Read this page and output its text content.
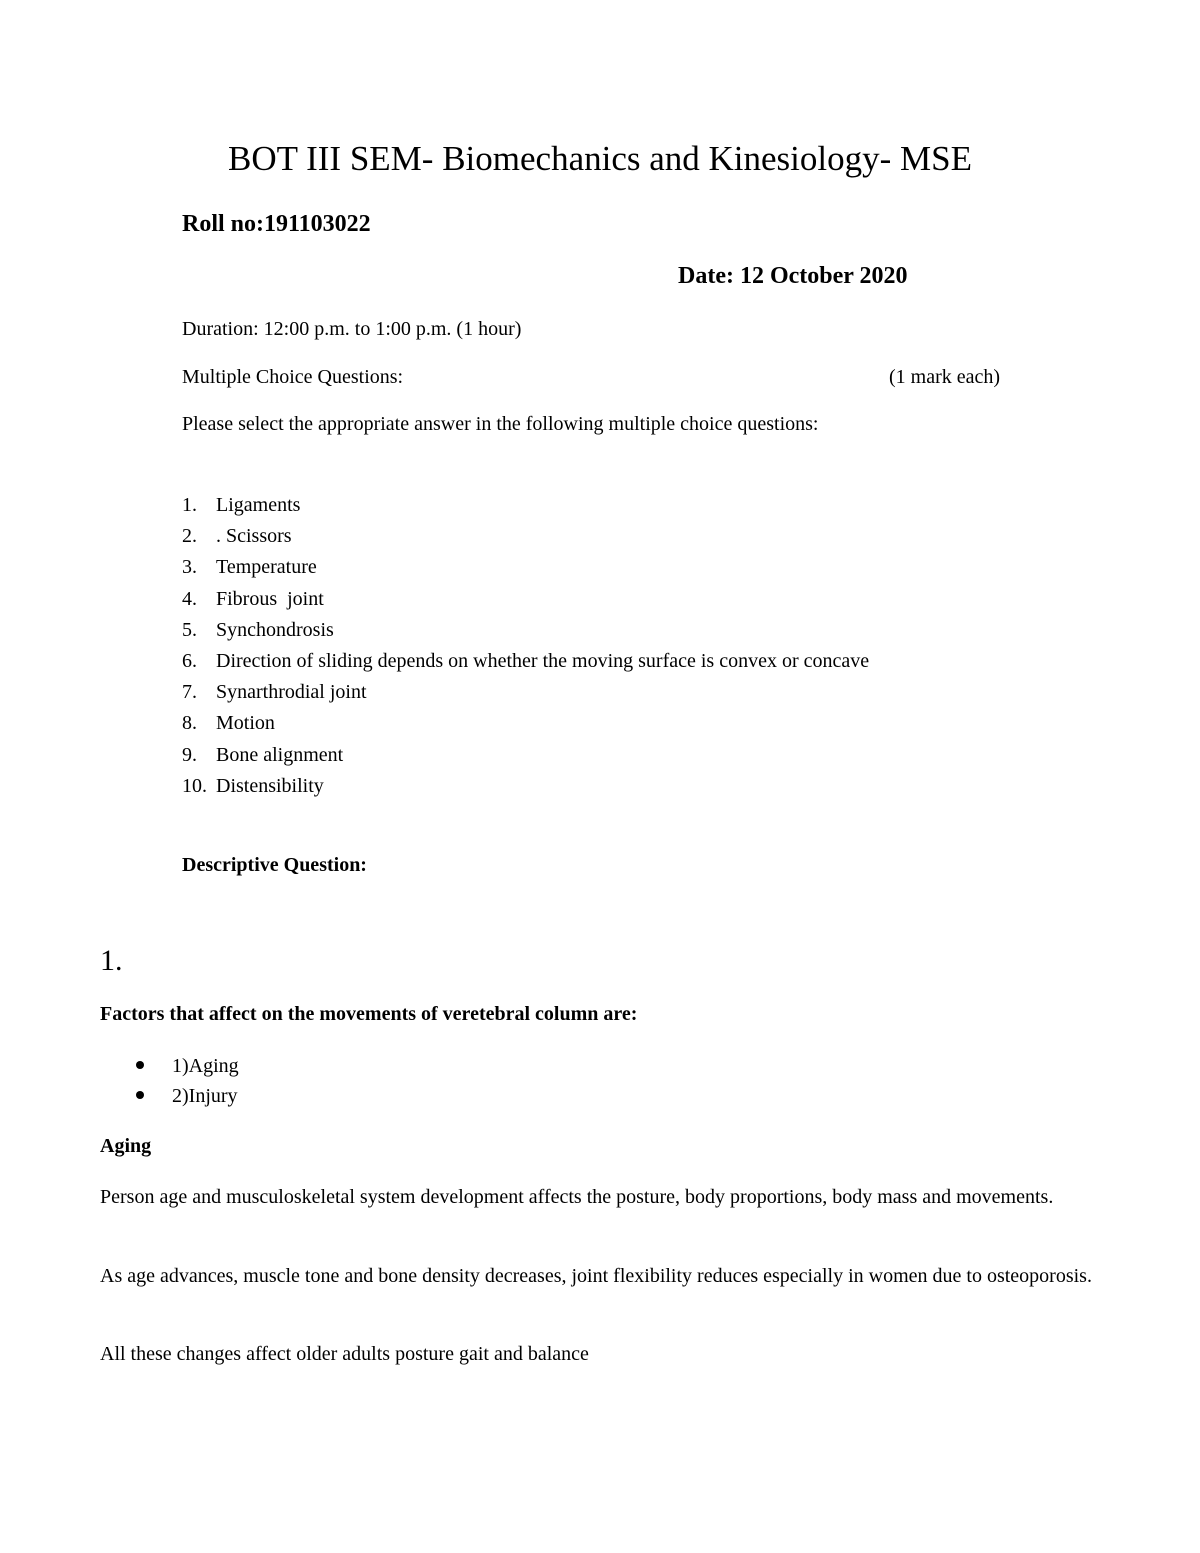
BOT III SEM- Biomechanics and Kinesiology- MSE
Roll no:191103022
Date: 12 October 2020
Duration: 12:00 p.m. to 1:00 p.m. (1 hour)
Multiple Choice Questions:	(1 mark each)
Please select the appropriate answer in the following multiple choice questions:
1. Ligaments
2. . Scissors
3. Temperature
4. Fibrous  joint
5. Synchondrosis
6. Direction of sliding depends on whether the moving surface is convex or concave
7. Synarthrodial joint
8. Motion
9. Bone alignment
10. Distensibility
Descriptive Question:
1.
Factors that affect on the movements of veretebral column are:
1)Aging
2)Injury
Aging

Person age and musculoskeletal system development affects the posture, body proportions, body mass and movements.

As age advances, muscle tone and bone density decreases, joint flexibility reduces especially in women due to osteoporosis.

All these changes affect older adults posture gait and balance
